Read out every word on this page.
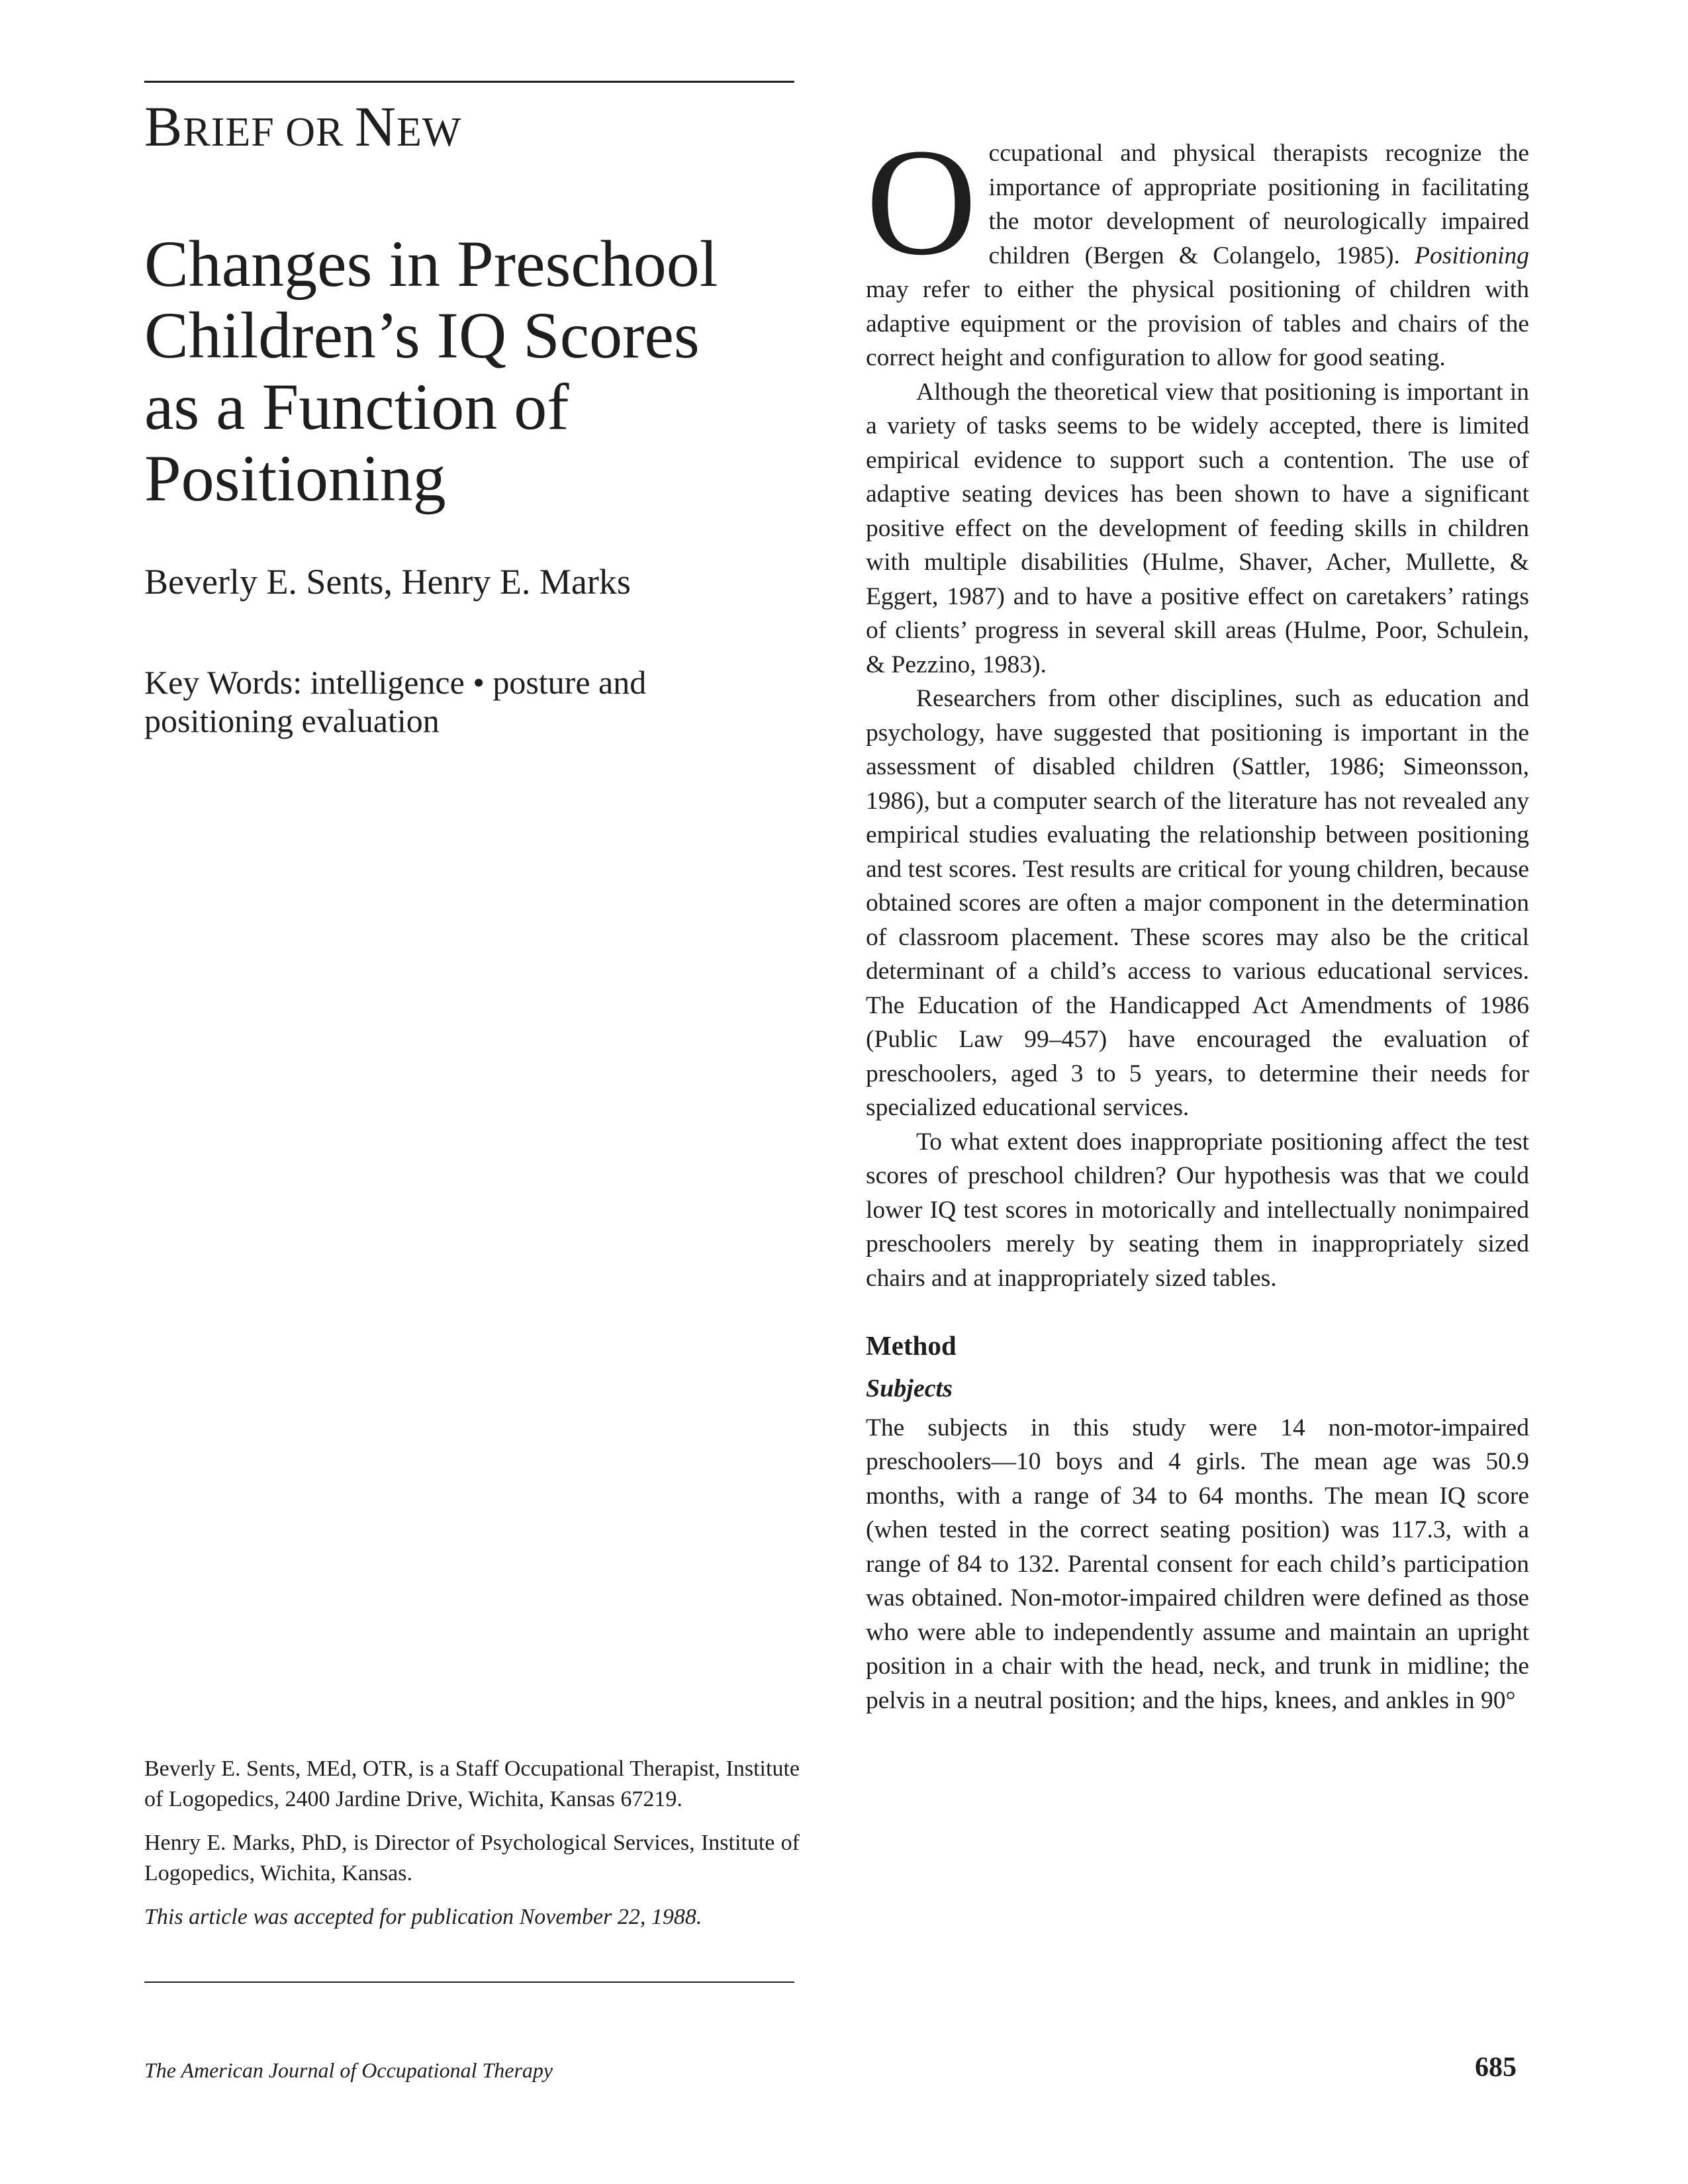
BRIEF OR NEW
Changes in Preschool
Children’s IQ Scores
as a Function of
Positioning

Beverly E. Sents, Henry E. Marks

Key Words: intelligence • posture and positioning evaluation

Beverly E. Sents, MEd, OTR, is a Staff Occupational Therapist, Institute of Logopedics, 2400 Jardine Drive, Wichita, Kansas 67219.

Henry E. Marks, PhD, is Director of Psychological Services, Institute of Logopedics, Wichita, Kansas.

This article was accepted for publication November 22, 1988.

Occupational and physical therapists recognize the importance of appropriate positioning in facilitating the motor development of neurologically impaired children (Bergen & Colangelo, 1985). Positioning may refer to either the physical positioning of children with adaptive equipment or the provision of tables and chairs of the correct height and configuration to allow for good seating.

Although the theoretical view that positioning is important in a variety of tasks seems to be widely accepted, there is limited empirical evidence to support such a contention. The use of adaptive seating devices has been shown to have a significant positive effect on the development of feeding skills in children with multiple disabilities (Hulme, Shaver, Acher, Mullette, & Eggert, 1987) and to have a positive effect on caretakers’ ratings of clients’ progress in several skill areas (Hulme, Poor, Schulein, & Pezzino, 1983).

Researchers from other disciplines, such as education and psychology, have suggested that positioning is important in the assessment of disabled children (Sattler, 1986; Simeonsson, 1986), but a computer search of the literature has not revealed any empirical studies evaluating the relationship between positioning and test scores. Test results are critical for young children, because obtained scores are often a major component in the determination of classroom placement. These scores may also be the critical determinant of a child’s access to various educational services. The Education of the Handicapped Act Amendments of 1986 (Public Law 99–457) have encouraged the evaluation of preschoolers, aged 3 to 5 years, to determine their needs for specialized educational services.

To what extent does inappropriate positioning affect the test scores of preschool children? Our hypothesis was that we could lower IQ test scores in motorically and intellectually nonimpaired preschoolers merely by seating them in inappropriately sized chairs and at inappropriately sized tables.

Method
Subjects

The subjects in this study were 14 non-motor-impaired preschoolers—10 boys and 4 girls. The mean age was 50.9 months, with a range of 34 to 64 months. The mean IQ score (when tested in the correct seating position) was 117.3, with a range of 84 to 132. Parental consent for each child’s participation was obtained. Non-motor-impaired children were defined as those who were able to independently assume and maintain an upright position in a chair with the head, neck, and trunk in midline; the pelvis in a neutral position; and the hips, knees, and ankles in 90°

The American Journal of Occupational Therapy	685
